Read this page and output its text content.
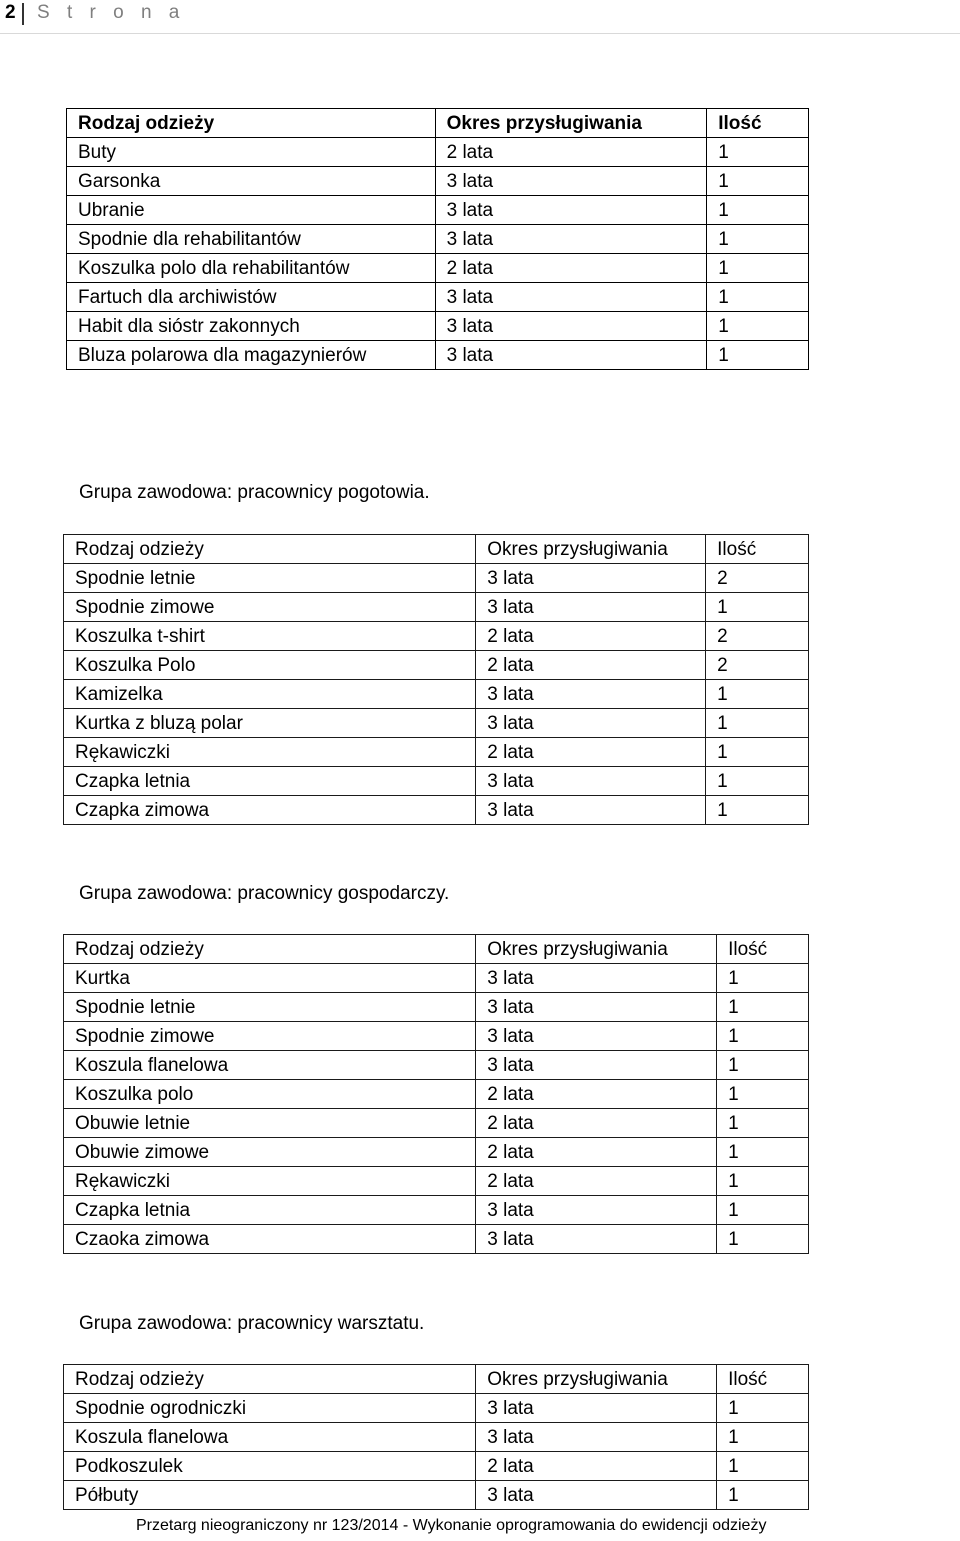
2 S t r o n a
Rodzaj odzieży	Okres przysługiwania	Ilość
Buty	2 lata	1
Garsonka	3 lata	1
Ubranie	3 lata	1
Spodnie dla rehabilitantów	3 lata	1
Koszulka polo dla rehabilitantów	2 lata	1
Fartuch dla archiwistów	3 lata	1
Habit dla sióstr zakonnych	3 lata	1
Bluza polarowa dla magazynierów	3 lata	1
Grupa zawodowa: pracownicy pogotowia.
Rodzaj odzieży	Okres przysługiwania	Ilość
Spodnie letnie	3 lata	2
Spodnie zimowe	3 lata	1
Koszulka t-shirt	2 lata	2
Koszulka Polo	2 lata	2
Kamizelka	3 lata	1
Kurtka z bluzą polar	3 lata	1
Rękawiczki	2 lata	1
Czapka letnia	3 lata	1
Czapka zimowa	3 lata	1
Grupa zawodowa: pracownicy gospodarczy.
Rodzaj odzieży	Okres przysługiwania	Ilość
Kurtka	3 lata	1
Spodnie letnie	3 lata	1
Spodnie zimowe	3 lata	1
Koszula flanelowa	3 lata	1
Koszulka polo	2 lata	1
Obuwie letnie	2 lata	1
Obuwie zimowe	2 lata	1
Rękawiczki	2 lata	1
Czapka letnia	3 lata	1
Czaoka zimowa	3 lata	1
Grupa zawodowa: pracownicy warsztatu.
Rodzaj odzieży	Okres przysługiwania	Ilość
Spodnie ogrodniczki	3 lata	1
Koszula flanelowa	3 lata	1
Podkoszulek	2 lata	1
Półbuty	3 lata	1
Przetarg nieograniczony nr 123/2014 - Wykonanie oprogramowania do ewidencji odzieży
